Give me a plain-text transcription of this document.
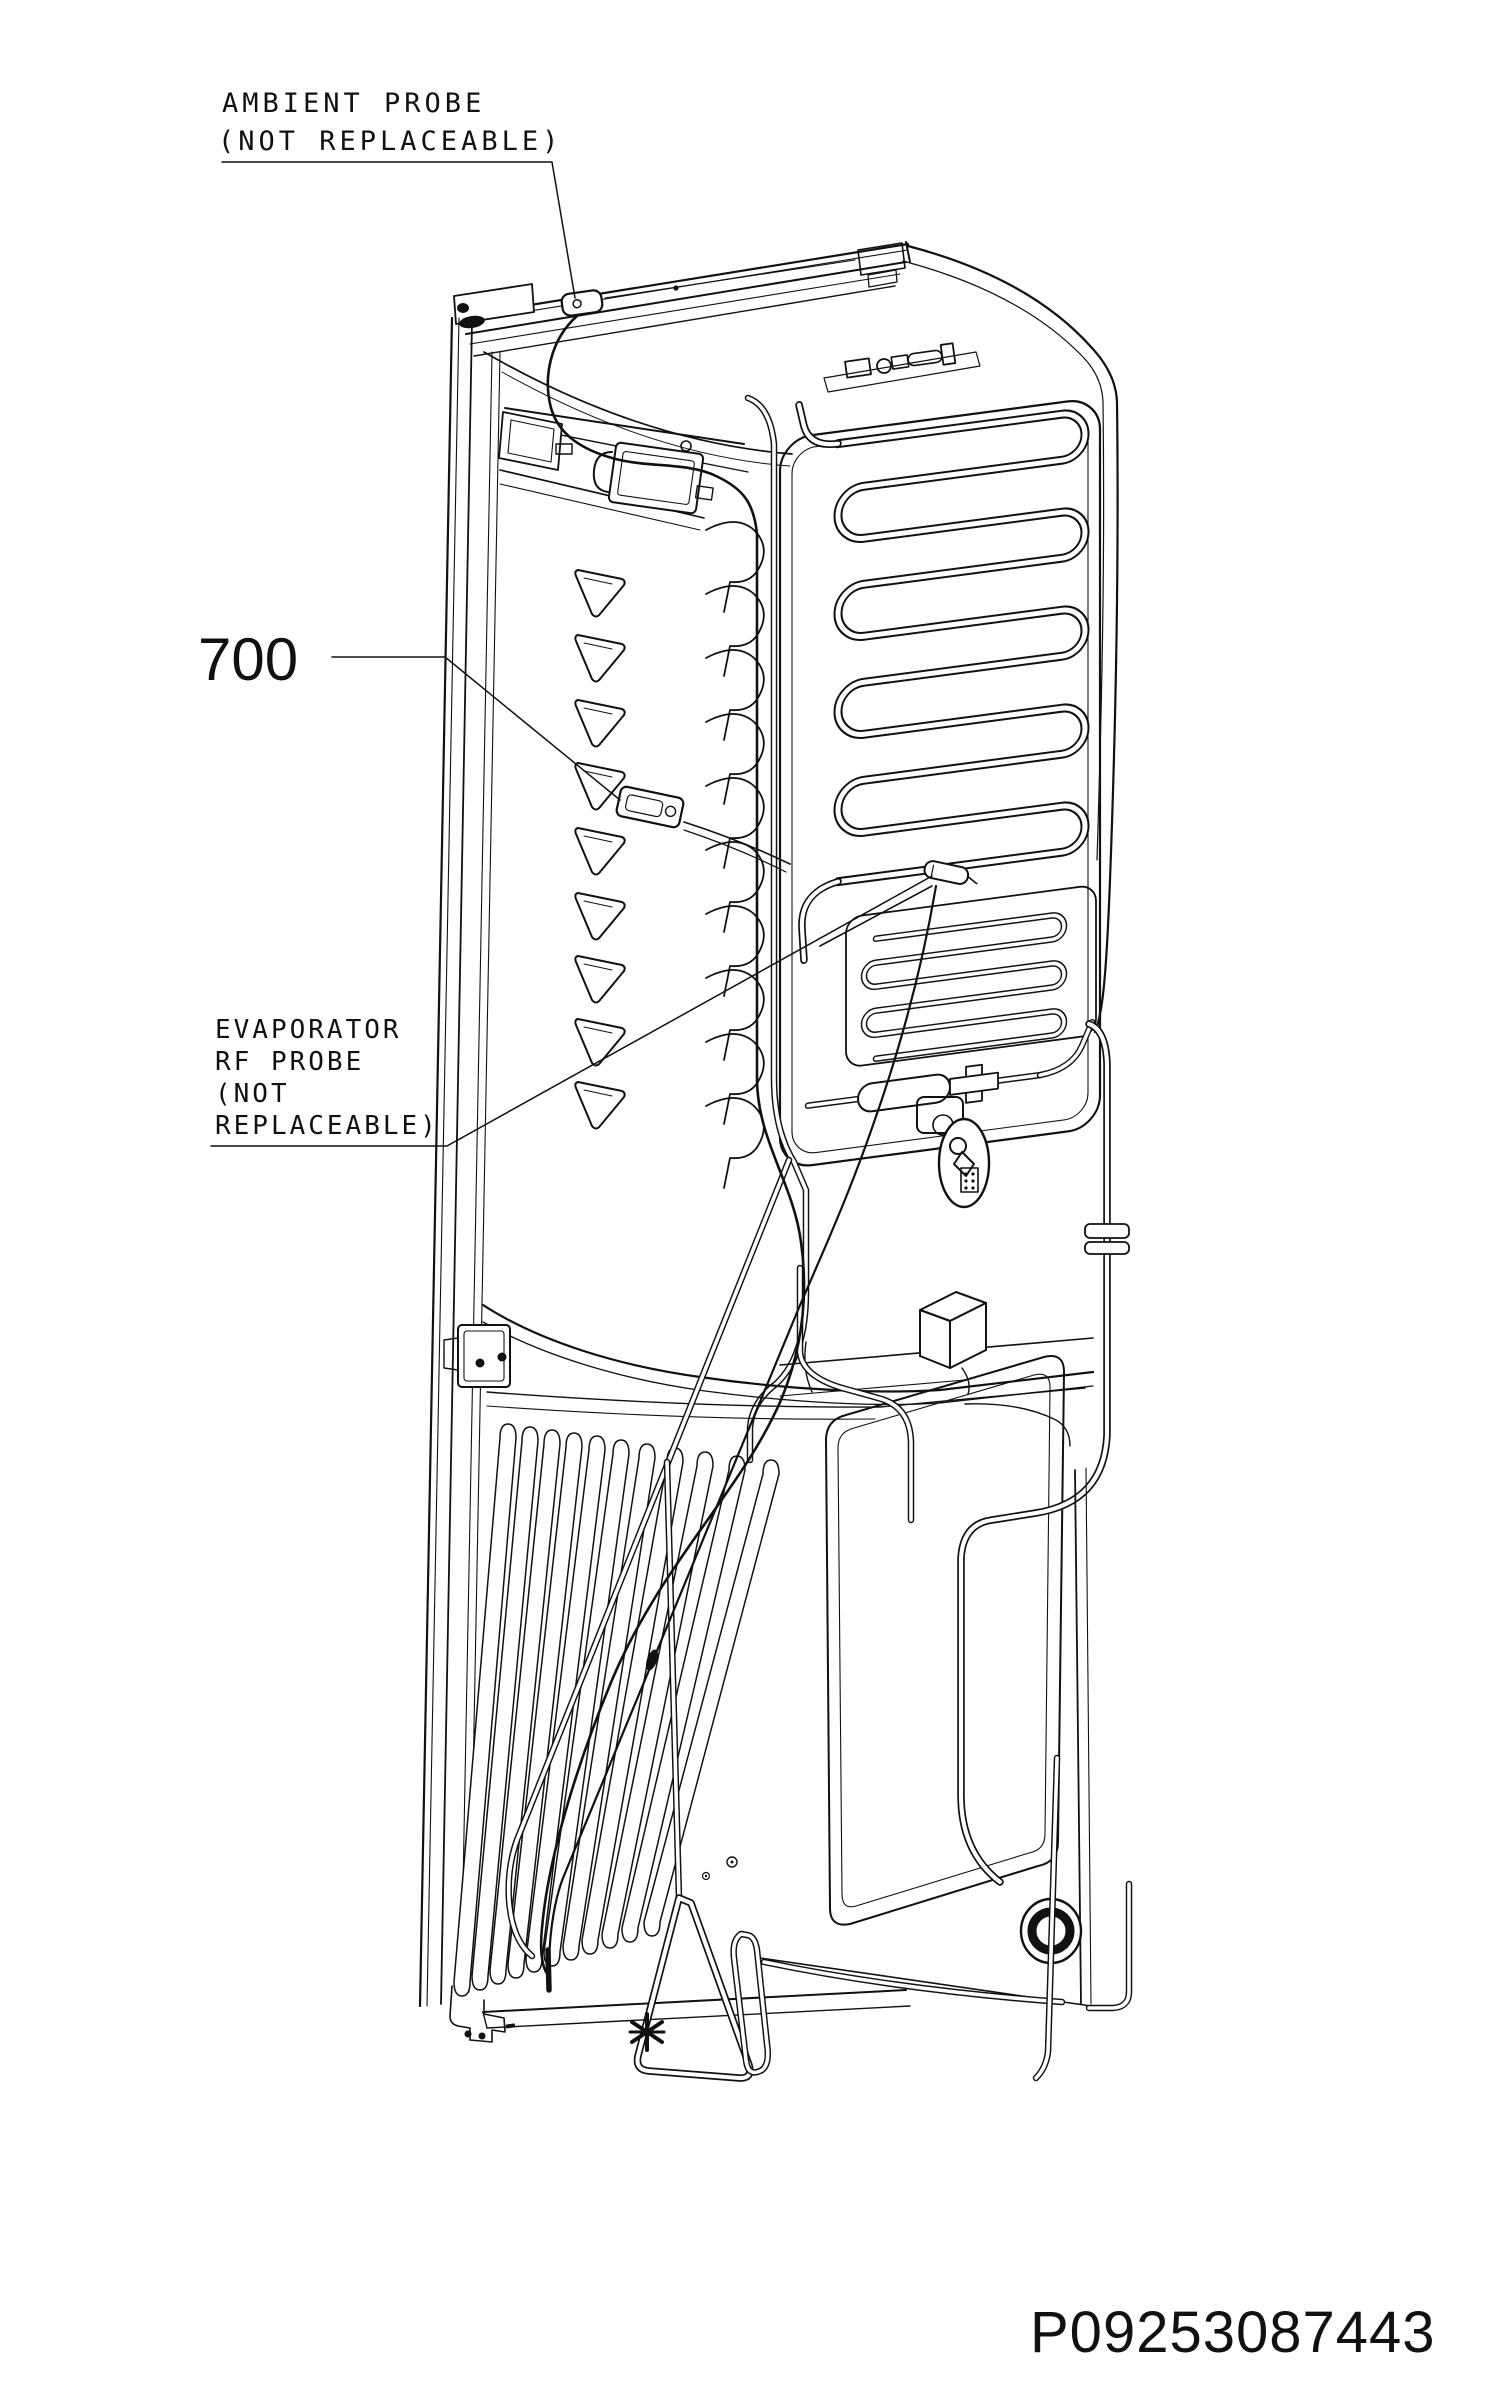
AMBIENT PROBE
(NOT REPLACEABLE)
700
EVAPORATOR
RF PROBE
(NOT
REPLACEABLE)
P09253087443
